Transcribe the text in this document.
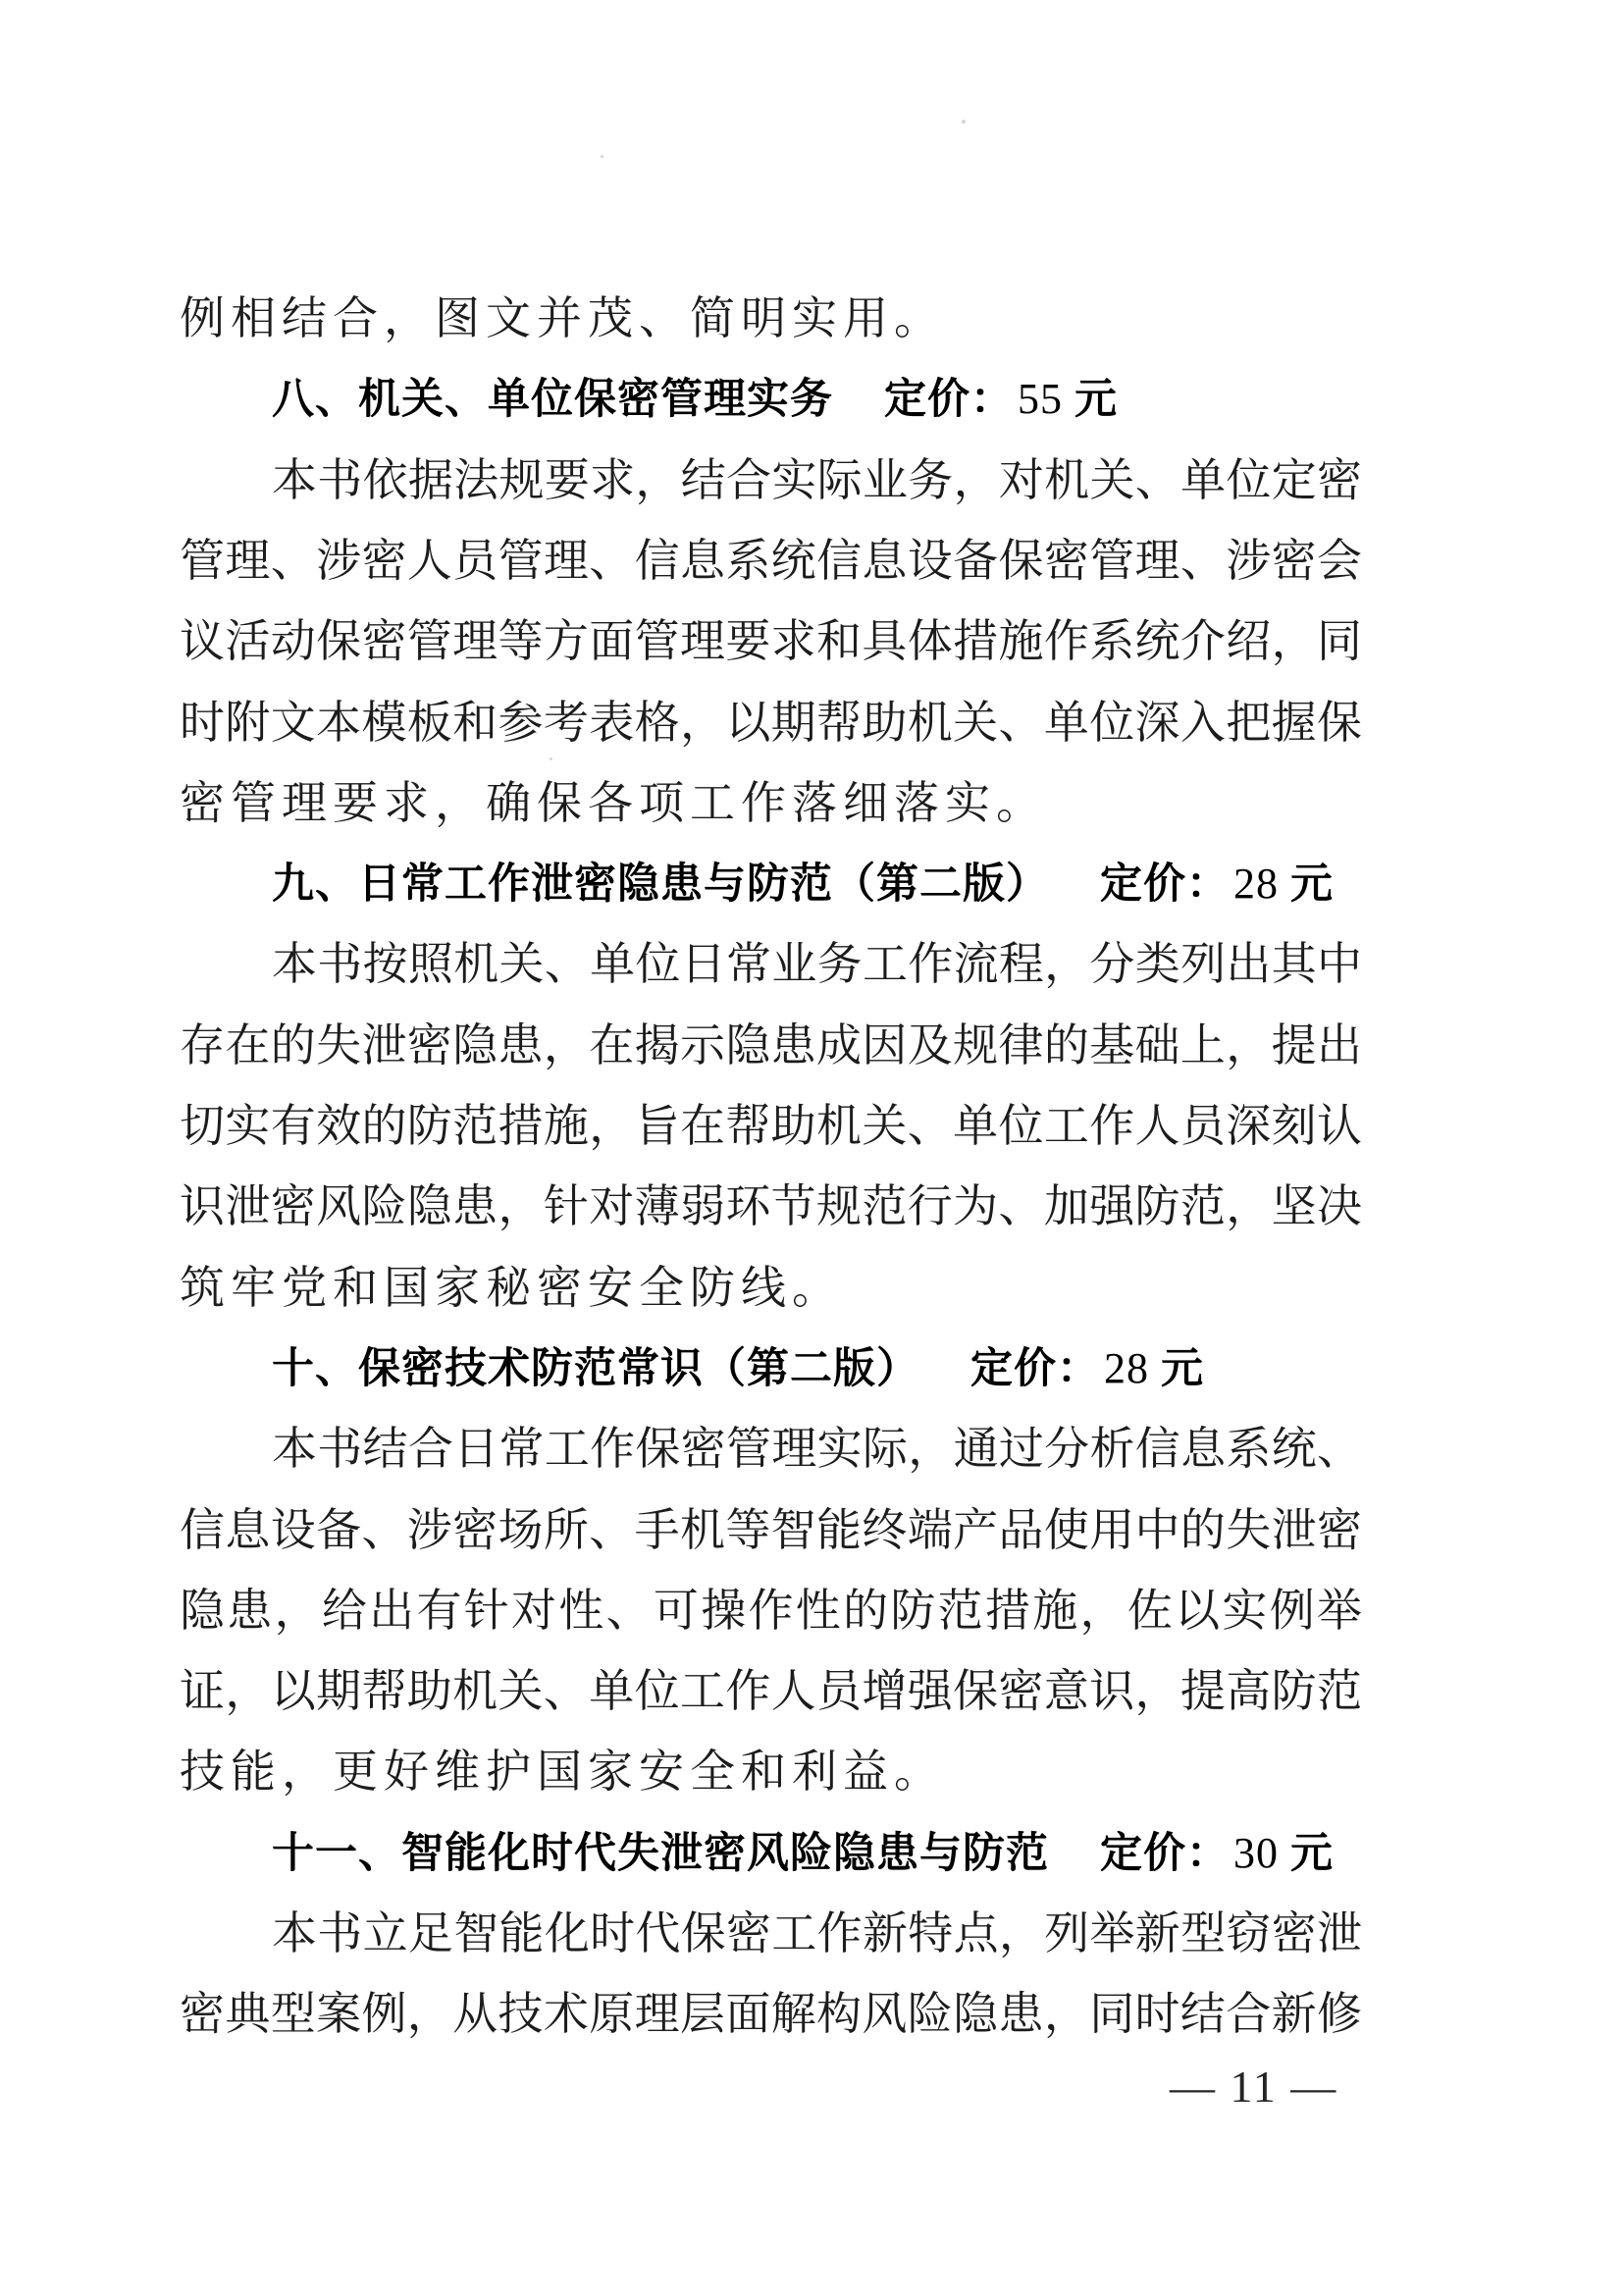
例相结合，图文并茂、简明实用。
八、机关、单位保密管理实务 定价：55 元
本书依据法规要求，结合实际业务，对机关、单位定密
管理、涉密人员管理、信息系统信息设备保密管理、涉密会
议活动保密管理等方面管理要求和具体措施作系统介绍，同
时附文本模板和参考表格，以期帮助机关、单位深入把握保
密管理要求，确保各项工作落细落实。
九、日常工作泄密隐患与防范（第二版） 定价：28 元
本书按照机关、单位日常业务工作流程，分类列出其中
存在的失泄密隐患，在揭示隐患成因及规律的基础上，提出
切实有效的防范措施，旨在帮助机关、单位工作人员深刻认
识泄密风险隐患，针对薄弱环节规范行为、加强防范，坚决
筑牢党和国家秘密安全防线。
十、保密技术防范常识（第二版） 定价：28 元
本书结合日常工作保密管理实际，通过分析信息系统、
信息设备、涉密场所、手机等智能终端产品使用中的失泄密
隐患，给出有针对性、可操作性的防范措施，佐以实例举
证，以期帮助机关、单位工作人员增强保密意识，提高防范
技能，更好维护国家安全和利益。
十一、智能化时代失泄密风险隐患与防范 定价：30 元
本书立足智能化时代保密工作新特点，列举新型窃密泄
密典型案例，从技术原理层面解构风险隐患，同时结合新修
— 11 —
